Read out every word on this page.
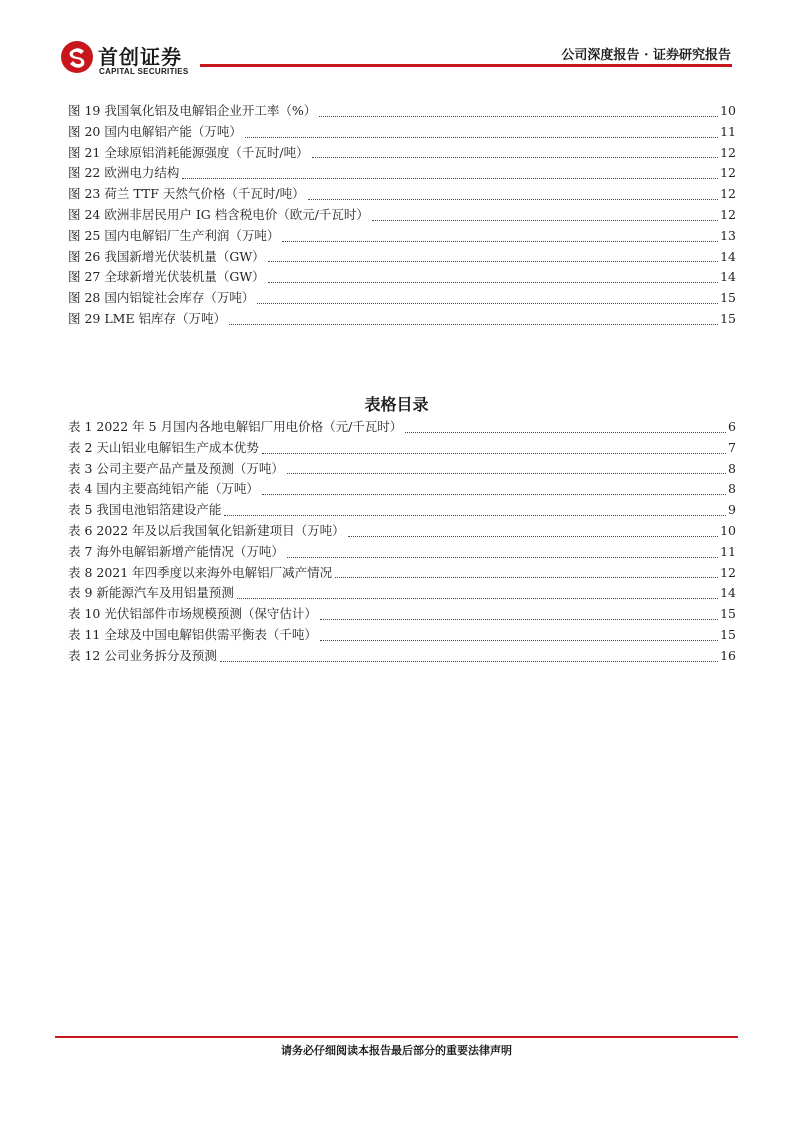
首创证券
CAPITAL SECURITIES
公司深度报告 · 证券研究报告
图 19 我国氧化铝及电解铝企业开工率（%）	10
图 20 国内电解铝产能（万吨）	11
图 21 全球原铝消耗能源强度（千瓦时/吨）	12
图 22 欧洲电力结构	12
图 23 荷兰 TTF 天然气价格（千瓦时/吨）	12
图 24 欧洲非居民用户 IG 档含税电价（欧元/千瓦时）	12
图 25 国内电解铝厂生产利润（万吨）	13
图 26 我国新增光伏装机量（GW）	14
图 27 全球新增光伏装机量（GW）	14
图 28 国内铝锭社会库存（万吨）	15
图 29 LME 铝库存（万吨）	15
表格目录
表 1 2022 年 5 月国内各地电解铝厂用电价格（元/千瓦时）	6
表 2 天山铝业电解铝生产成本优势	7
表 3 公司主要产品产量及预测（万吨）	8
表 4 国内主要高纯铝产能（万吨）	8
表 5 我国电池铝箔建设产能	9
表 6 2022 年及以后我国氧化铝新建项目（万吨）	10
表 7 海外电解铝新增产能情况（万吨）	11
表 8 2021 年四季度以来海外电解铝厂减产情况	12
表 9 新能源汽车及用铝量预测	14
表 10 光伏铝部件市场规模预测（保守估计）	15
表 11 全球及中国电解铝供需平衡表（千吨）	15
表 12 公司业务拆分及预测	16
请务必仔细阅读本报告最后部分的重要法律声明
